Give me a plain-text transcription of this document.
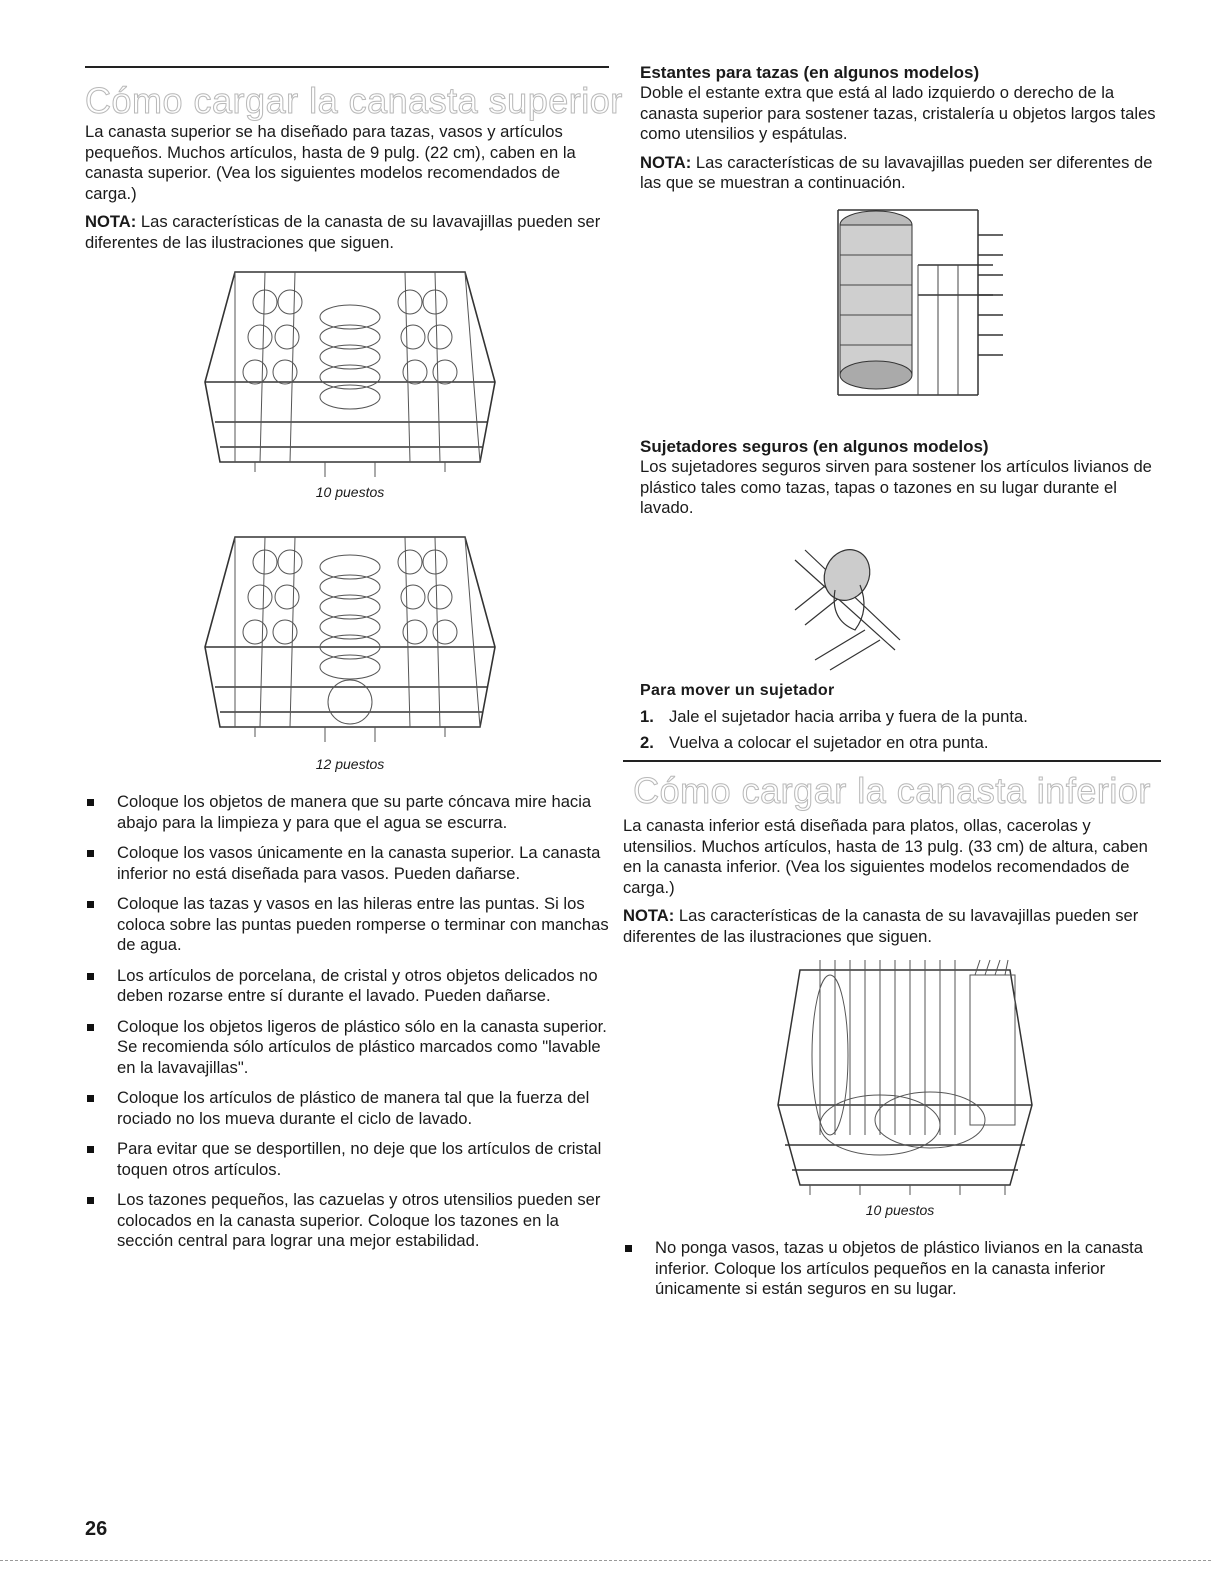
Cómo cargar la canasta superior

La canasta superior se ha diseñado para tazas, vasos y artículos pequeños. Muchos artículos, hasta de 9 pulg. (22 cm), caben en la canasta superior. (Vea los siguientes modelos recomendados de carga.)

NOTA: Las características de la canasta de su lavavajillas pueden ser diferentes de las ilustraciones que siguen.

10 puestos
12 puestos
Coloque los objetos de manera que su parte cóncava mire hacia abajo para la limpieza y para que el agua se escurra.
Coloque los vasos únicamente en la canasta superior. La canasta inferior no está diseñada para vasos. Pueden dañarse.
Coloque las tazas y vasos en las hileras entre las puntas. Si los coloca sobre las puntas pueden romperse o terminar con manchas de agua.
Los artículos de porcelana, de cristal y otros objetos delicados no deben rozarse entre sí durante el lavado. Pueden dañarse.
Coloque los objetos ligeros de plástico sólo en la canasta superior. Se recomienda sólo artículos de plástico marcados como "lavable en la lavavajillas".
Coloque los artículos de plástico de manera tal que la fuerza del rociado no los mueva durante el ciclo de lavado.
Para evitar que se desportillen, no deje que los artículos de cristal toquen otros artículos.
Los tazones pequeños, las cazuelas y otros utensilios pueden ser colocados en la canasta superior. Coloque los tazones en la sección central para lograr una mejor estabilidad.
Estantes para tazas (en algunos modelos)

Doble el estante extra que está al lado izquierdo o derecho de la canasta superior para sostener tazas, cristalería u objetos largos tales como utensilios y espátulas.

NOTA: Las características de su lavavajillas pueden ser diferentes de las que se muestran a continuación.

Sujetadores seguros (en algunos modelos)

Los sujetadores seguros sirven para sostener los artículos livianos de plástico tales como tazas, tapas o tazones en su lugar durante el lavado.

Para mover un sujetador
1. Jale el sujetador hacia arriba y fuera de la punta.
2. Vuelva a colocar el sujetador en otra punta.
Cómo cargar la canasta inferior

La canasta inferior está diseñada para platos, ollas, cacerolas y utensilios. Muchos artículos, hasta de 13 pulg. (33 cm) de altura, caben en la canasta inferior. (Vea los siguientes modelos recomendados de carga.)

NOTA: Las características de la canasta de su lavavajillas pueden ser diferentes de las ilustraciones que siguen.

10 puestos
No ponga vasos, tazas u objetos de plástico livianos en la canasta inferior. Coloque los artículos pequeños en la canasta inferior únicamente si están seguros en su lugar.
26
